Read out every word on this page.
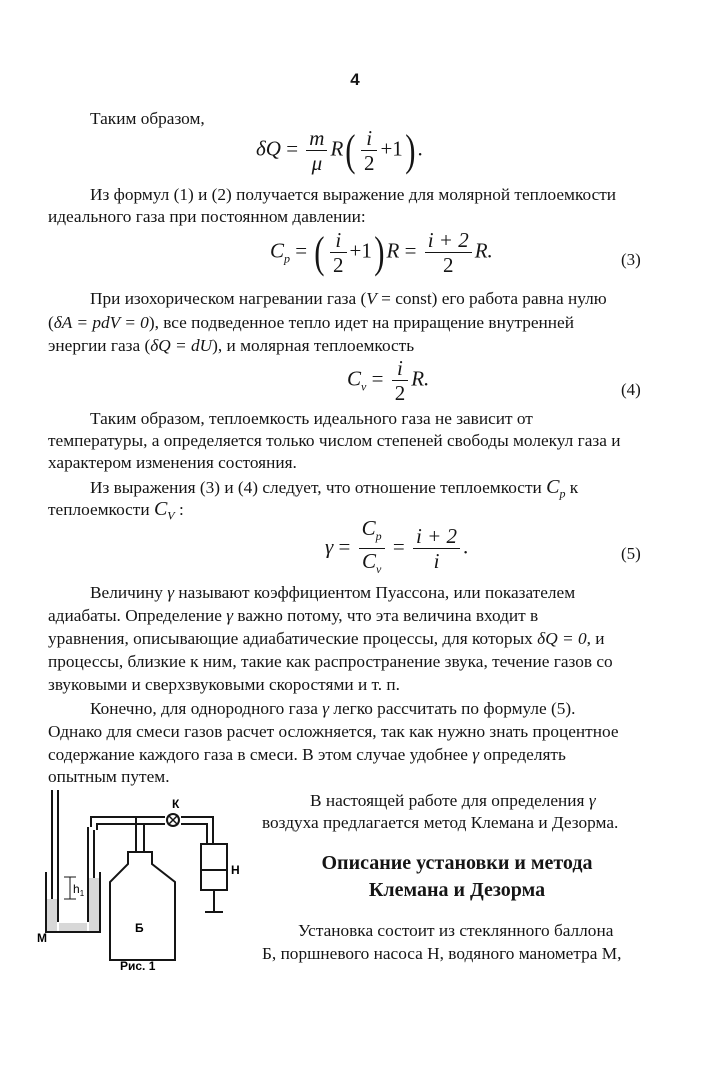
4
Таким образом,
$\delta Q = \frac{m}{\mu} R( \frac{i}{2} +1)$ .
Из формул (1) и (2) получается выражение для молярной теплоемкости
идеального газа при постоянном давлении:
$C_p$ = ( $\frac{i}{2} +1$) $R = \frac{i + 2}{2} R$.	(3)
При изохорическом нагревании газа (V = const) его работа равна нулю
(δA = pdV = 0), все подведенное тепло идет на приращение внутренней
энергии газа (δQ = dU), и молярная теплоемкость
$C_v = \frac{i}{2} R$.	(4)
Таким образом, теплоемкость идеального газа не зависит от
температуры, а определяется только числом степеней свободы молекул газа и
характером изменения состояния.
Из выражения (3) и (4) следует, что отношение теплоемкости $C_p$ к
теплоемкости $C_V$ :
$\gamma = \frac{C_p}{C_v} = \frac{i + 2}{i}$ .	(5)
Величину γ называют коэффициентом Пуассона, или показателем
адиабаты. Определение γ важно потому, что эта величина входит в
уравнения, описывающие адиабатические процессы, для которых δQ = 0, и
процессы, близкие к ним, такие как распространение звука, течение газов со
звуковыми и сверхзвуковыми скоростями и т. п.
Конечно, для однородного газа γ легко рассчитать по формуле (5).
Однако для смеси газов расчет осложняется, так как нужно знать процентное
содержание каждого газа в смеси. В этом случае удобнее γ определять
опытным путем.
В настоящей работе для определения γ
воздуха предлагается метод Клемана и Дезорма.
Описание установки и метода
Клемана и Дезорма
Установка состоит из стеклянного баллона
Б, поршневого насоса Н, водяного манометра М,
$h_1$
К
Б
Н
М
Рис. 1
